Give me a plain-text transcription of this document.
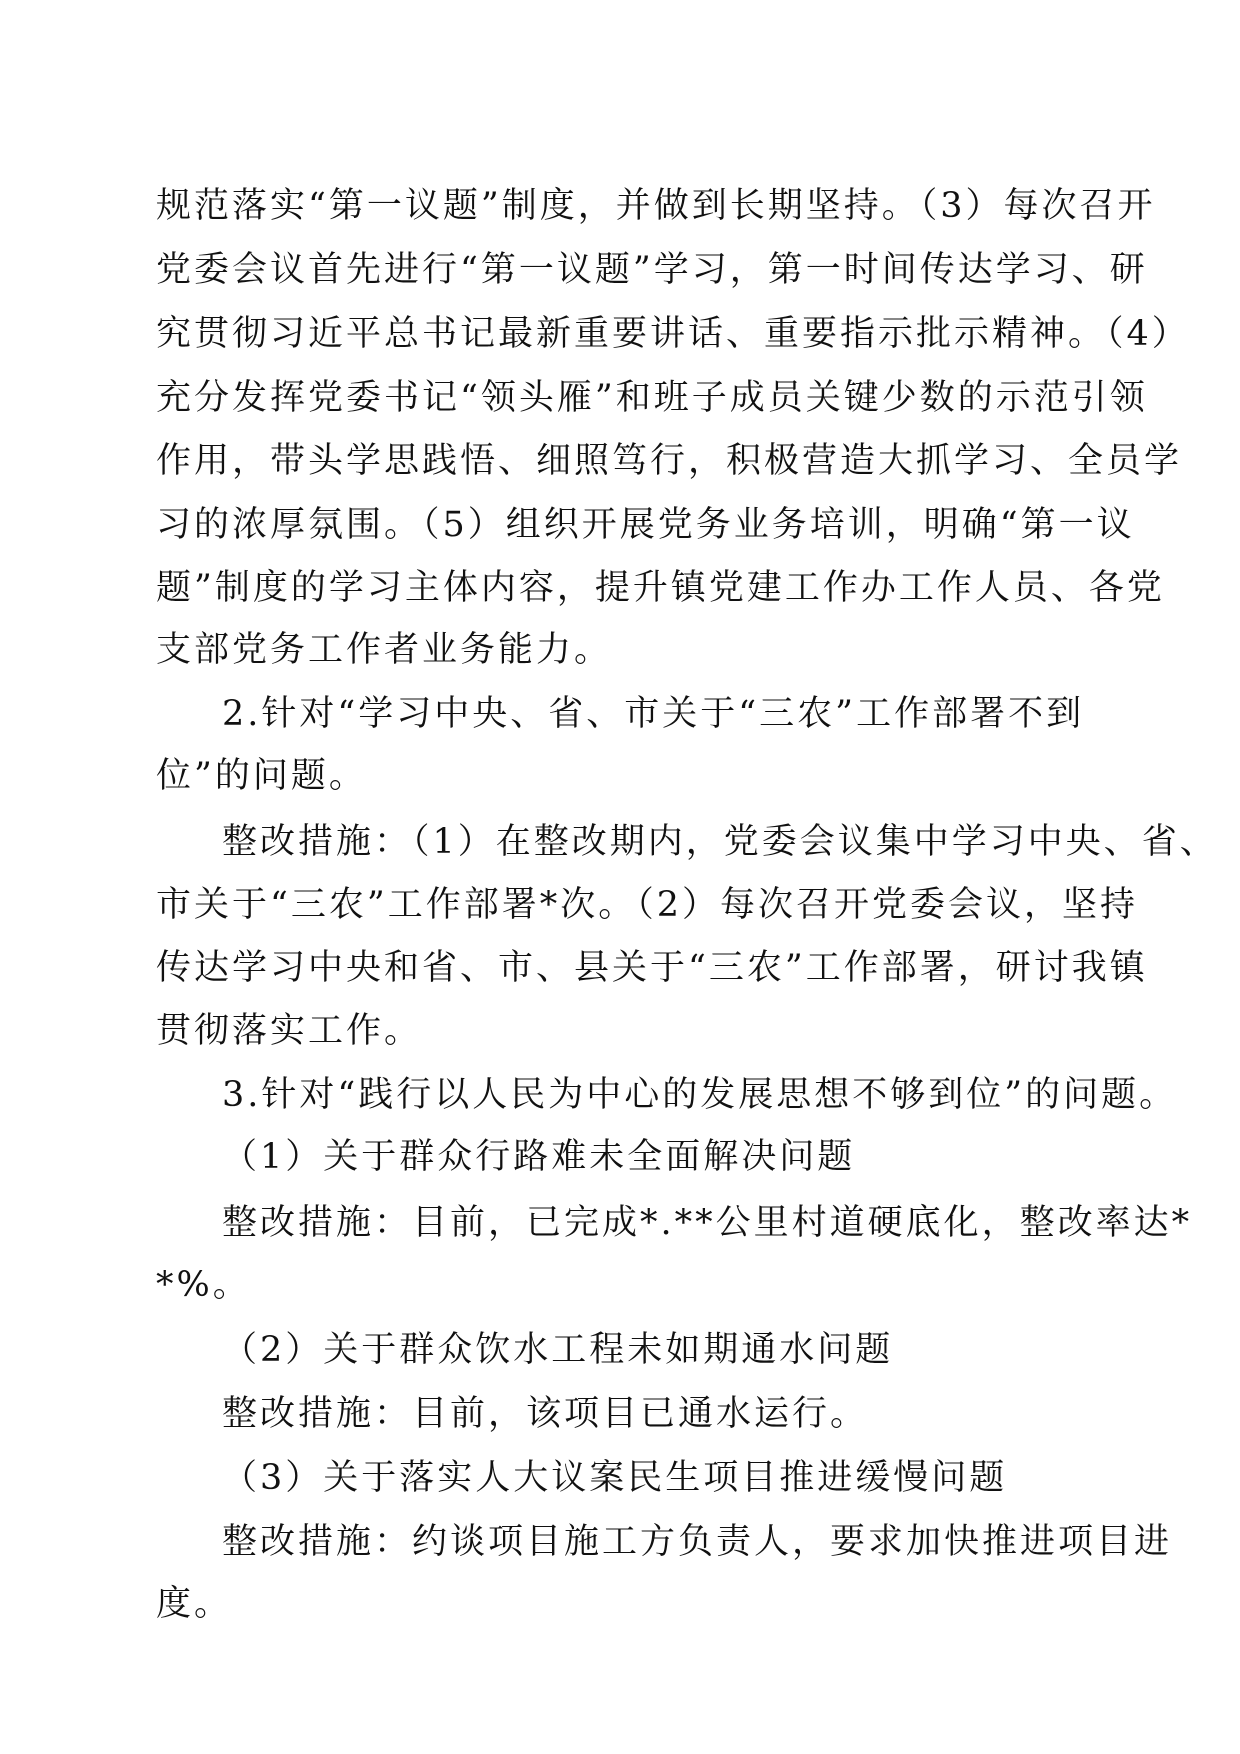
规范落实“第一议题”制度，并做到长期坚持。（3）每次召开

党委会议首先进行“第一议题”学习，第一时间传达学习、研

究贯彻习近平总书记最新重要讲话、重要指示批示精神。（4）

充分发挥党委书记“领头雁”和班子成员关键少数的示范引领

作用，带头学思践悟、细照笃行，积极营造大抓学习、全员学

习的浓厚氛围。（5）组织开展党务业务培训，明确“第一议

题”制度的学习主体内容，提升镇党建工作办工作人员、各党

支部党务工作者业务能力。

2.针对“学习中央、省、市关于“三农”工作部署不到

位”的问题。

整改措施：（1）在整改期内，党委会议集中学习中央、省、

市关于“三农”工作部署*次。（2）每次召开党委会议，坚持

传达学习中央和省、市、县关于“三农”工作部署，研讨我镇

贯彻落实工作。

3.针对“践行以人民为中心的发展思想不够到位”的问题。

（1）关于群众行路难未全面解决问题

整改措施：目前，已完成*.**公里村道硬底化，整改率达*

*%。

（2）关于群众饮水工程未如期通水问题

整改措施：目前，该项目已通水运行。

（3）关于落实人大议案民生项目推进缓慢问题

整改措施：约谈项目施工方负责人，要求加快推进项目进

度。
